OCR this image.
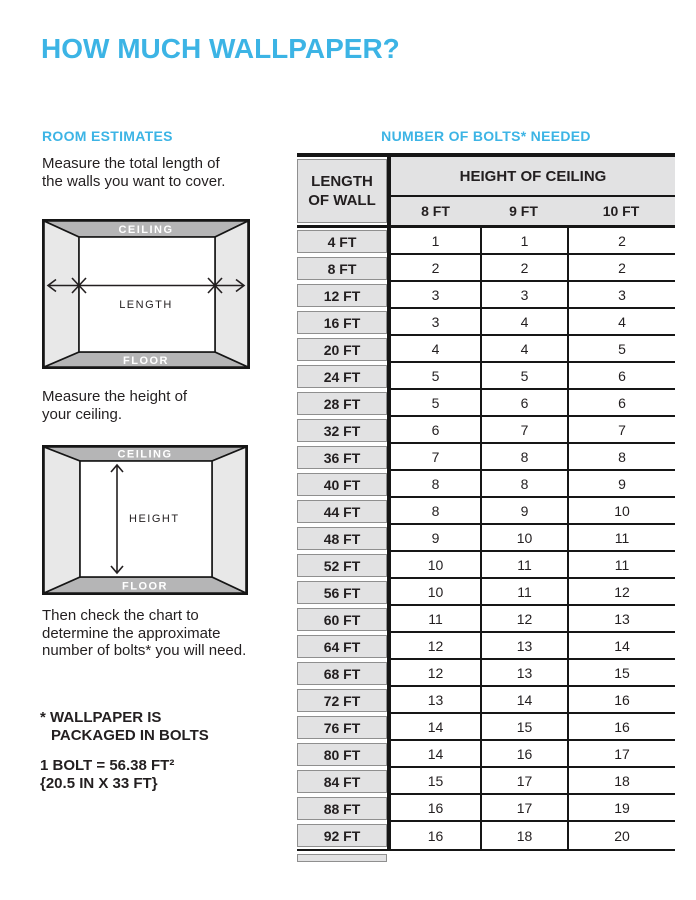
HOW MUCH WALLPAPER?
ROOM ESTIMATES	NUMBER OF BOLTS* NEEDED
Measure the total length of
the walls you want to cover.
CEILING
FLOOR
LENGTH
Measure the height of
your ceiling.
CEILING
FLOOR
HEIGHT
Then check the chart to
determine the approximate
number of bolts* you will need.
* WALLPAPER IS
PACKAGED IN BOLTS
1 BOLT = 56.38 FT²
{20.5 IN X 33 FT}
LENGTH
OF WALL
HEIGHT OF CEILING
8 FT	9 FT	10 FT
4 FT	1	1	2
8 FT	2	2	2
12 FT	3	3	3
16 FT	3	4	4
20 FT	4	4	5
24 FT	5	5	6
28 FT	5	6	6
32 FT	6	7	7
36 FT	7	8	8
40 FT	8	8	9
44 FT	8	9	10
48 FT	9	10	11
52 FT	10	11	11
56 FT	10	11	12
60 FT	11	12	13
64 FT	12	13	14
68 FT	12	13	15
72 FT	13	14	16
76 FT	14	15	16
80 FT	14	16	17
84 FT	15	17	18
88 FT	16	17	19
92 FT	16	18	20
